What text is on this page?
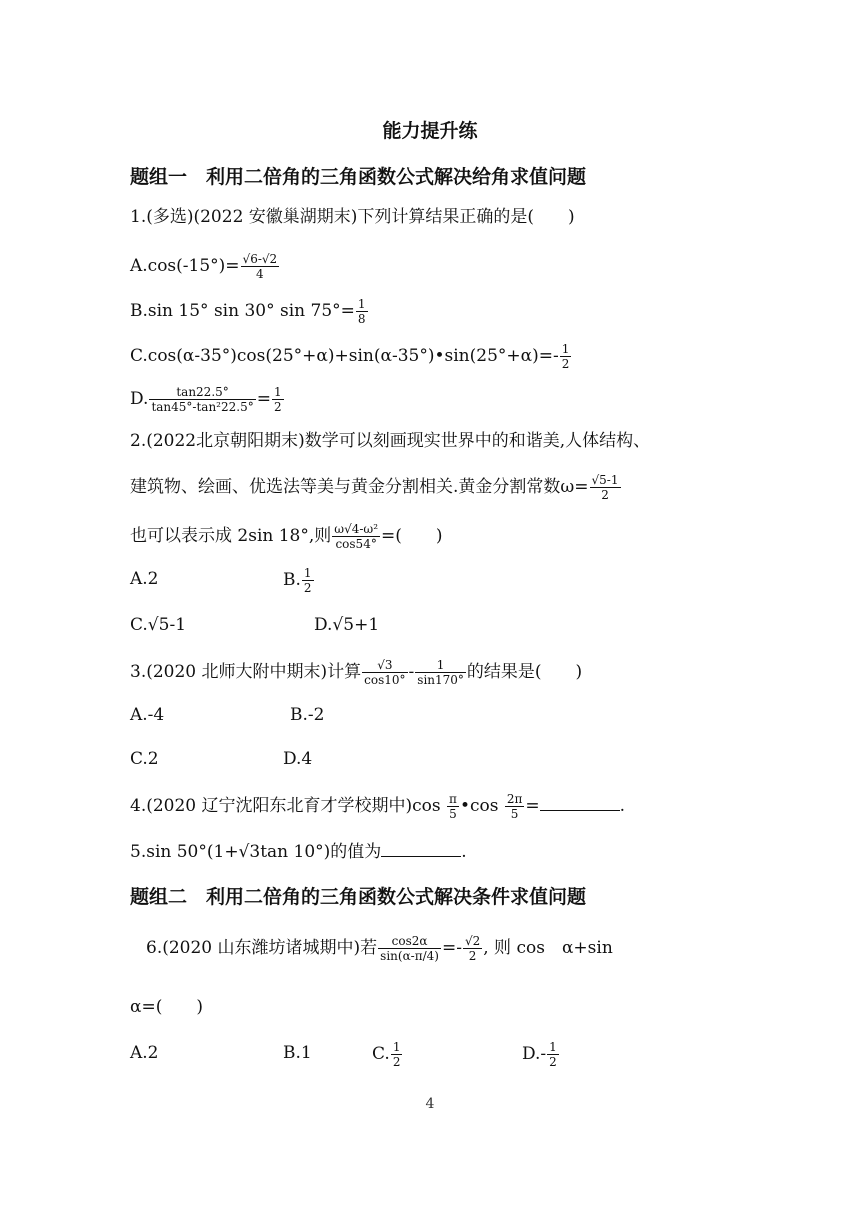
能力提升练
题组一　利用二倍角的三角函数公式解决给角求值问题
1.(多选)(2022 安徽巢湖期末)下列计算结果正确的是(　　)
$A.\cos(-15^\circ)= \frac{√6-√2}{4}$
B.sin 15° sin 30° $\sin 75^\circ= \frac{1}{8}$
C.cos(α-35°)cos(25°+α)+sin(α-35°)•sin(25°+α)=- $\frac{1}{2}$
D. $\frac{\tan 22.5^\circ}{\text{tan45°-tan²22.5°}} = \frac{1}{2}$
2.(2022北京朝阳期末)数学可以刻画现实世界中的和谐美,人体结构、
建筑物、绘画、优选法等美与黄金分割相关.黄金分割常数$\omega= \frac{√5-1}{2}$
也可以表示成 2sin 18°,则 $\frac{\text{ω√4-ω²}}{\cos 54^\circ}$ =(　　)
A.2	B. $\frac{1}{2}$
C.√5-1	D.√5+1
3.(2020 北师大附中期末)计算 $\frac{√3}{\cos 10^\circ} - \frac{1}{\sin 170^\circ}$ 的结果是(　　)
A.-4	B.-2
C.2	D.4
4.(2020 辽宁沈阳东北育才学校期中)$\cos \frac{\pi}{5}$ •cos $\frac{2\pi}{5}$ =	.
5.sin 50°(1+√3tan 10°)的值为	.
题组二　利用二倍角的三角函数公式解决条件求值问题
6.(2020 山东潍坊诸城期中)若 $\frac{\cos 2\alpha}{\sin(\alpha-\pi/4)} =- \frac{√2}{2}$ , 则 cos　α+sin
α=(　　)
A.2	B.1	C. $\frac{1}{2}$	$D.- \frac{1}{2}$
4
